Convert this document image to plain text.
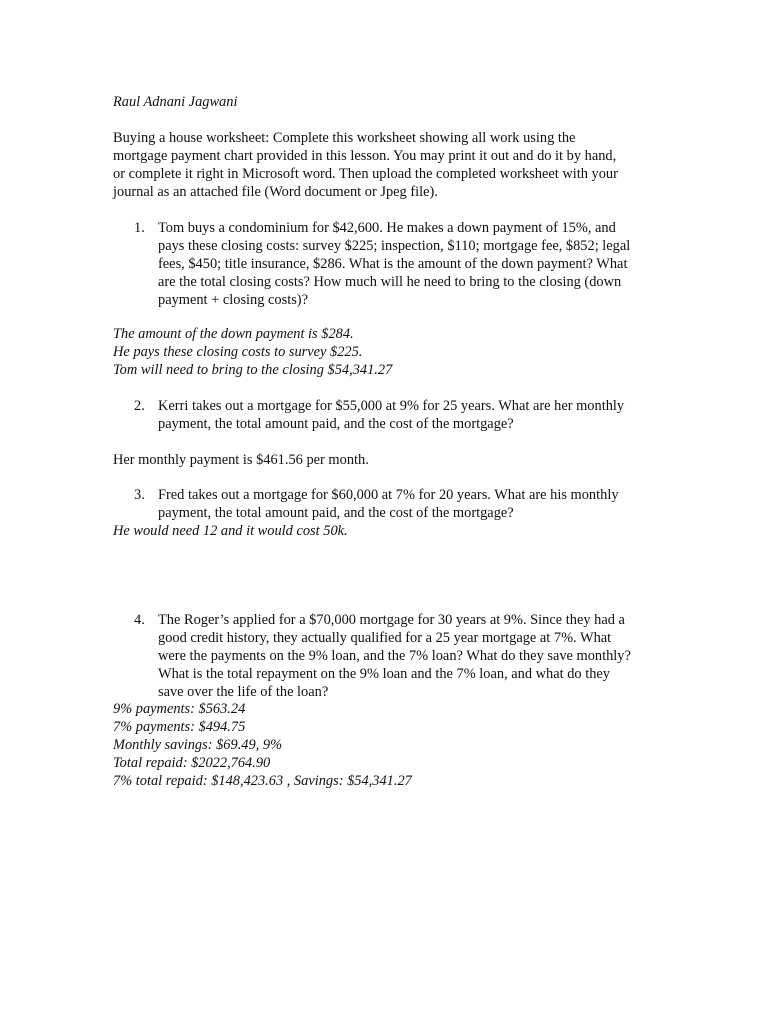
Raul Adnani Jagwani

Buying a house worksheet: Complete this worksheet showing all work using the

mortgage payment chart provided in this lesson. You may print it out and do it by hand,

or complete it right in Microsoft word. Then upload the completed worksheet with your

journal as an attached file (Word document or Jpeg file).

1. Tom buys a condominium for $42,600. He makes a down payment of 15%, and

pays these closing costs: survey $225; inspection, $110; mortgage fee, $852; legal

fees, $450; title insurance, $286. What is the amount of the down payment? What

are the total closing costs? How much will he need to bring to the closing (down

payment + closing costs)?

The amount of the down payment is $284.

He pays these closing costs to survey $225.

Tom will need to bring to the closing $54,341.27

2. Kerri takes out a mortgage for $55,000 at 9% for 25 years. What are her monthly

payment, the total amount paid, and the cost of the mortgage?

Her monthly payment is $461.56 per month.

3. Fred takes out a mortgage for $60,000 at 7% for 20 years. What are his monthly

payment, the total amount paid, and the cost of the mortgage?

He would need 12 and it would cost 50k.

4. The Roger’s applied for a $70,000 mortgage for 30 years at 9%. Since they had a

good credit history, they actually qualified for a 25 year mortgage at 7%. What

were the payments on the 9% loan, and the 7% loan? What do they save monthly?

What is the total repayment on the 9% loan and the 7% loan, and what do they

save over the life of the loan?

9% payments: $563.24

7% payments: $494.75

Monthly savings: $69.49, 9%

Total repaid: $2022,764.90

7% total repaid: $148,423.63 , Savings: $54,341.27
